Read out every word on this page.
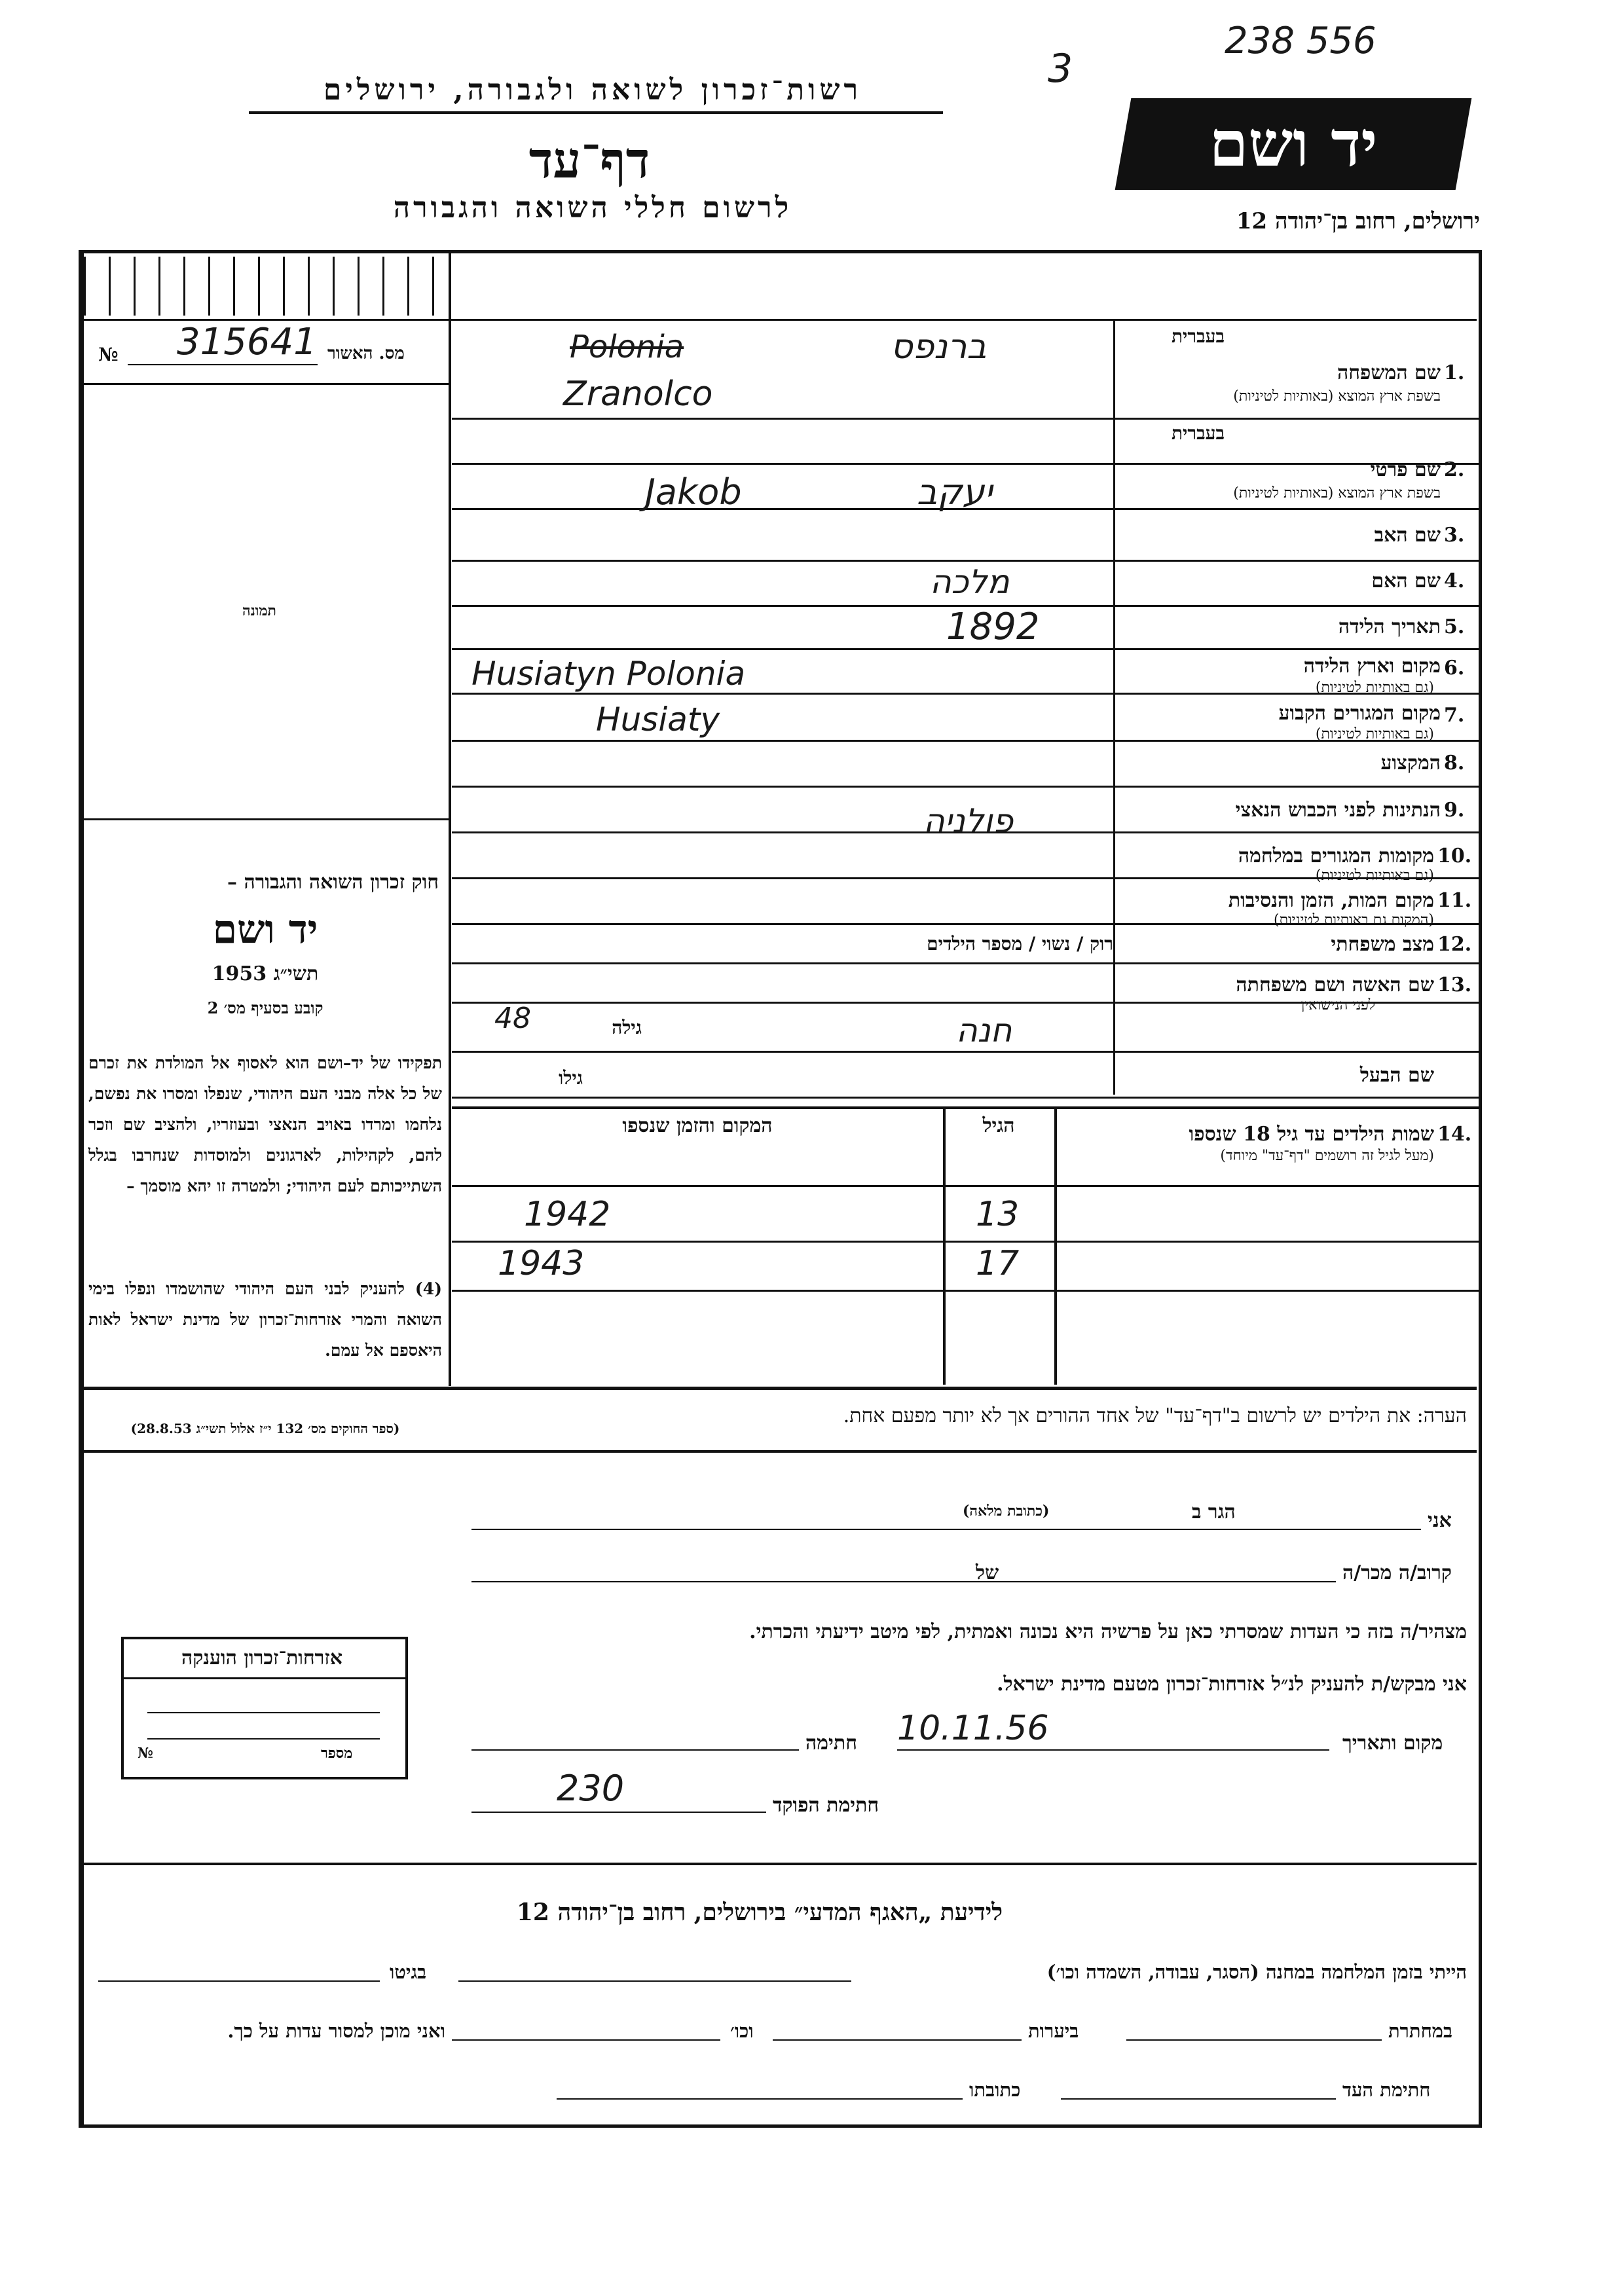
רשות־זכרון לשואה ולגבורה, ירושלים
דף־עד
לרשום חללי השואה והגבורה
יד ושם
ירושלים, רחוב בן־יהודה 12
238 556
3
מס. האשור
№ 315641
תמונה
בעברית
1.
שם המשפחה
בשפת ארץ המוצא (באותיות לטיניות)
Polonia
Zranolco
ברנפס
בעברית
2.
שם פרטי
בשפת ארץ המוצא (באותיות לטיניות)
Jakob	יעקב
3.
שם האב
4.
שם האם
מלכה
5.
תאריך הלידה
1892
6.
מקום וארץ הלידה
(גם באותיות לטיניות)
Husiatyn Polonia
7.
מקום המגורים הקבוע
(גם באותיות לטיניות)
Husiaty
8.
המקצוע
9.
הנתינות לפני הכבוש הנאצי
פולניה
10.
מקומות המגורים במלחמה
(גם באותיות לטיניות)
11.
מקום המות, הזמן והנסיבות
(המקום גם באותיות לטיניות)
12.
מצב משפחתי
רוק / נשוי / מספר הילדים
13.
שם האשה ושם משפחתה
לפני הנישואין
גילה
48	חנה
שם הבעל
גילו
14.
שמות הילדים עד גיל 18 שנספו
(מעל לגיל זה רושמים "דף־עד" מיוחד)
הגיל
המקום והזמן שנספו
13
1942
17
1943
חוק זכרון השואה והגבורה –
יד ושם
תשי״ג 1953
קובע בסעיף מס׳ 2
תפקידו של יד–ושם הוא לאסוף אל המולדת את זכרם של כל אלה מבני העם היהודי, שנפלו ומסרו את נפשם, נלחמו ומרדו באויב הנאצי ובעוזריו, ולהציב שם וזכר להם, לקהילות, לארגונים ולמוסדות שנחרבו בגלל השתייכותם לעם היהודי; ולמטרה זו יהא מוסמך –
(4) להעניק לבני העם היהודי שהושמדו ונפלו בימי השואה והמרי אזרחות־זכרון של מדינת ישראל לאות היאספם אל עמם.
(ספר החוקים מס׳ 132 י״ז אלול תשי״ג 28.8.53)
הערה: את הילדים יש לרשום ב"דף־עד" של אחד ההורים אך לא יותר מפעם אחת.
אני
הגר ב
(כתובת מלאה)
קרוב/ה מכר/ה
של
מצהיר/ה בזה כי העדות שמסרתי כאן על פרשיה היא נכונה ואמתית, לפי מיטב ידיעתי והכרתי.
אני מבקש/ת להעניק לנ״ל אזרחות־זכרון מטעם מדינת ישראל.
מקום ותאריך
10.11.56
חתימה
חתימת הפוקד
230
אזרחות־זכרון הוענקה
מספר
№
לידיעת „האגף המדעי״ בירושלים, רחוב בן־יהודה 12
הייתי בזמן המלחמה במחנה (הסגר, עבודה, השמדה וכו׳)
בגיטו
במחתרת
ביערות
וכו׳
ואני מוכן למסור עדות על כך.
חתימת העד
כתובתו
